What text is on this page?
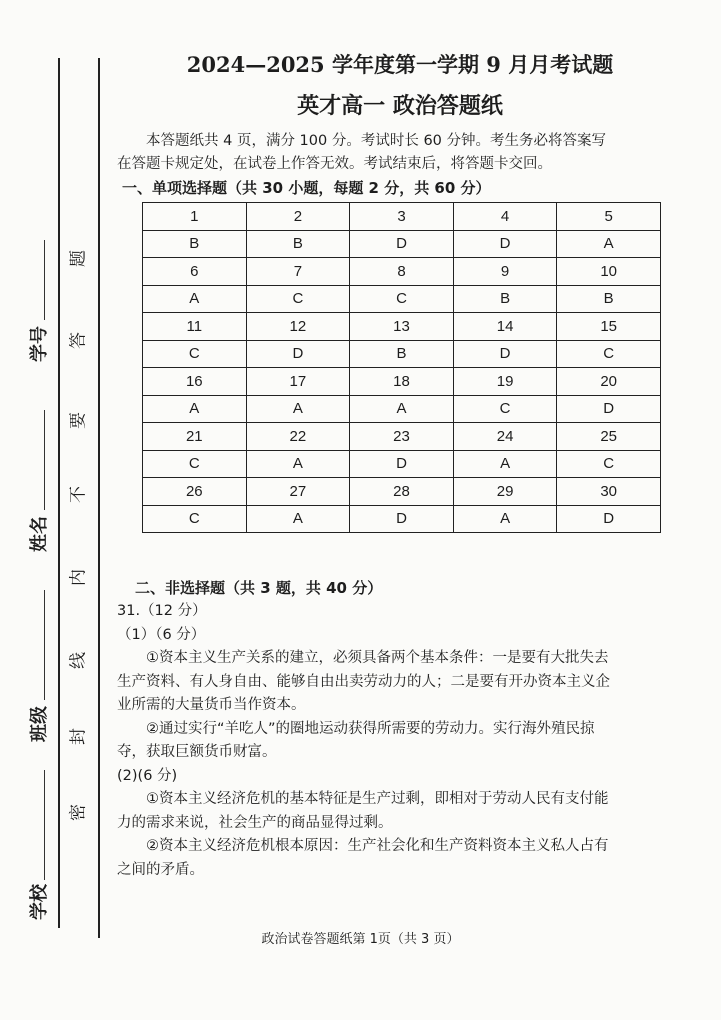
学号
姓名
班级
学校
密
封
线
内
不
要
答
题
2024—2025 学年度第一学期 9 月月考试题
英才高一 政治答题纸
本答题纸共 4 页，满分 100 分。考试时长 60 分钟。考生务必将答案写在答题卡规定处，在试卷上作答无效。考试结束后，将答题卡交回。
一、单项选择题（共 30 小题，每题 2 分，共 60 分）
1	2	3	4	5
B	B	D	D	A
6	7	8	9	10
A	C	C	B	B
11	12	13	14	15
C	D	B	D	C
16	17	18	19	20
A	A	A	C	D
21	22	23	24	25
C	A	D	A	C
26	27	28	29	30
C	A	D	A	D
二、非选择题（共 3 题，共 40 分）
31.（12 分）
（1）（6 分）

①资本主义生产关系的建立，必须具备两个基本条件：一是要有大批失去生产资料、有人身自由、能够自由出卖劳动力的人；二是要有开办资本主义企业所需的大量货币当作资本。

②通过实行“羊吃人”的圈地运动获得所需要的劳动力。实行海外殖民掠夺，获取巨额货币财富。

(2)(6 分)

①资本主义经济危机的基本特征是生产过剩，即相对于劳动人民有支付能力的需求来说，社会生产的商品显得过剩。

②资本主义经济危机根本原因：生产社会化和生产资料资本主义私人占有之间的矛盾。

政治试卷答题纸第 1页（共 3 页）
